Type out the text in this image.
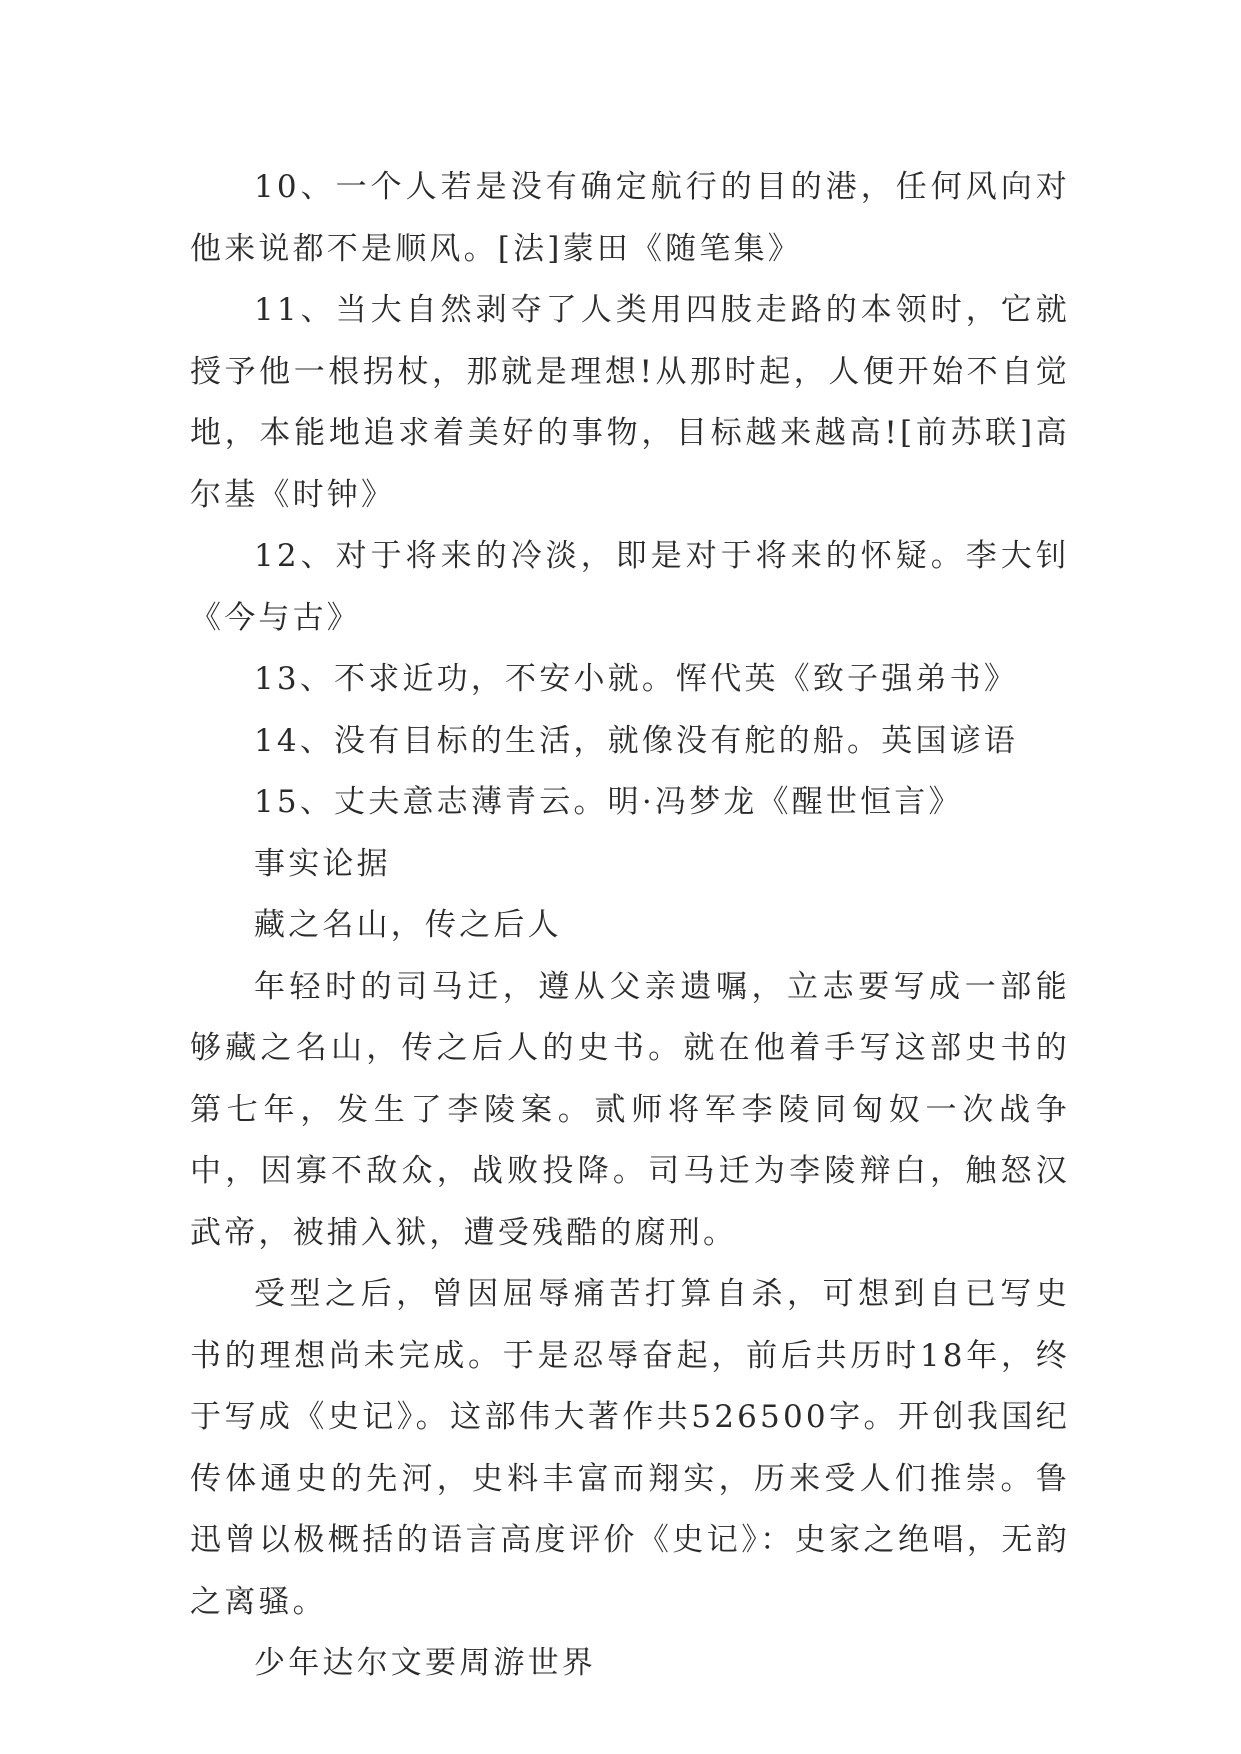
10、一个人若是没有确定航行的目的港，任何风向对他来说都不是顺风。[法]蒙田《随笔集》

11、当大自然剥夺了人类用四肢走路的本领时，它就授予他一根拐杖，那就是理想!从那时起，人便开始不自觉地，本能地追求着美好的事物，目标越来越高![前苏联]高尔基《时钟》

12、对于将来的冷淡，即是对于将来的怀疑。李大钊《今与古》

13、不求近功，不安小就。恽代英《致子强弟书》

14、没有目标的生活，就像没有舵的船。英国谚语

15、丈夫意志薄青云。明·冯梦龙《醒世恒言》

事实论据

藏之名山，传之后人

年轻时的司马迁，遵从父亲遗嘱，立志要写成一部能够藏之名山，传之后人的史书。就在他着手写这部史书的第七年，发生了李陵案。贰师将军李陵同匈奴一次战争中，因寡不敌众，战败投降。司马迁为李陵辩白，触怒汉武帝，被捕入狱，遭受残酷的腐刑。

受型之后，曾因屈辱痛苦打算自杀，可想到自已写史书的理想尚未完成。于是忍辱奋起，前后共历时18年，终于写成《史记》。这部伟大著作共526500字。开创我国纪传体通史的先河，史料丰富而翔实，历来受人们推崇。鲁迅曾以极概括的语言高度评价《史记》：史家之绝唱，无韵之离骚。

少年达尔文要周游世界
